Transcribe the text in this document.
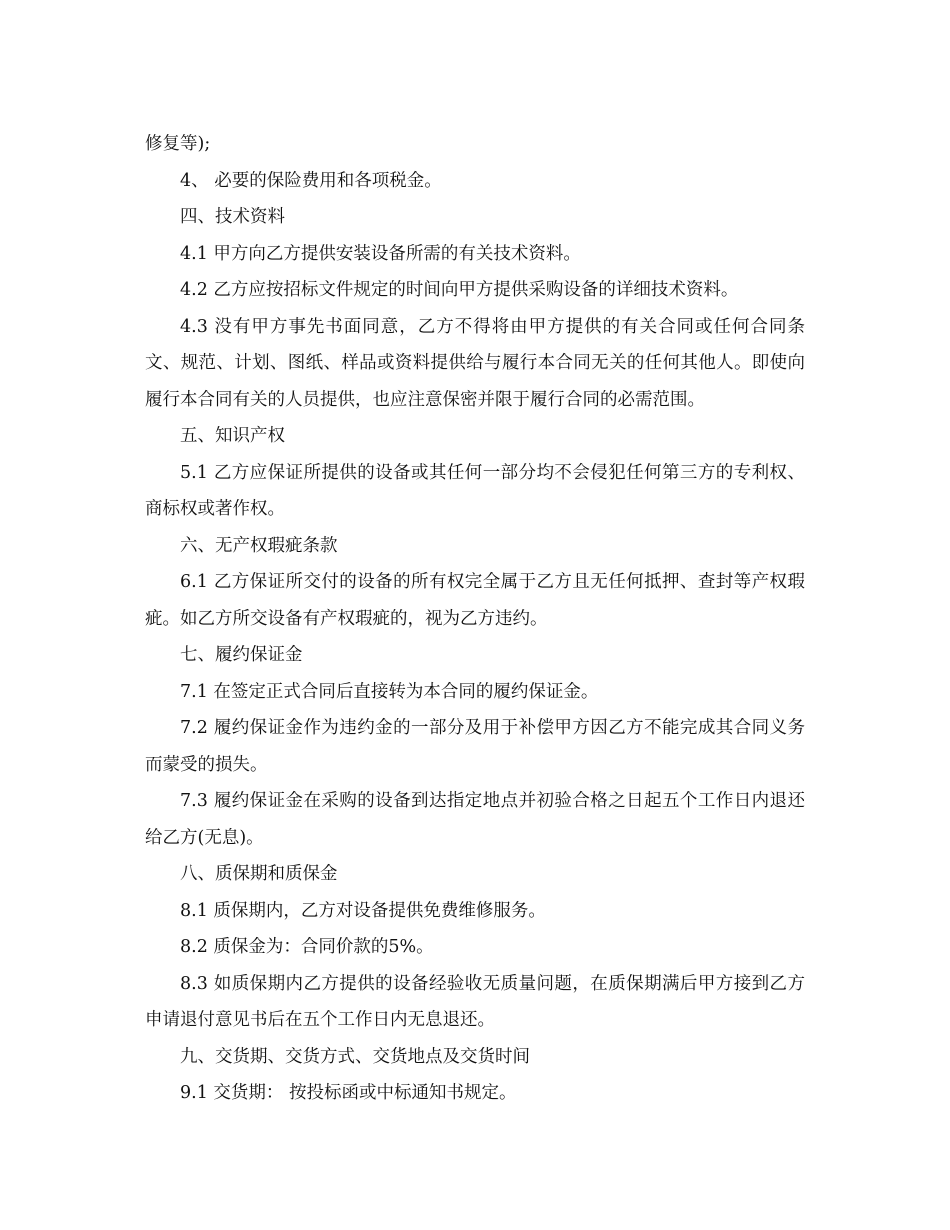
修复等);

4、 必要的保险费用和各项税金。

四、技术资料

4.1 甲方向乙方提供安装设备所需的有关技术资料。

4.2 乙方应按招标文件规定的时间向甲方提供采购设备的详细技术资料。

4.3 没有甲方事先书面同意，乙方不得将由甲方提供的有关合同或任何合同条文、规范、计划、图纸、样品或资料提供给与履行本合同无关的任何其他人。即使向履行本合同有关的人员提供，也应注意保密并限于履行合同的必需范围。

五、知识产权

5.1 乙方应保证所提供的设备或其任何一部分均不会侵犯任何第三方的专利权、商标权或著作权。

六、无产权瑕疵条款

6.1 乙方保证所交付的设备的所有权完全属于乙方且无任何抵押、查封等产权瑕疵。如乙方所交设备有产权瑕疵的，视为乙方违约。

七、履约保证金

7.1 在签定正式合同后直接转为本合同的履约保证金。

7.2 履约保证金作为违约金的一部分及用于补偿甲方因乙方不能完成其合同义务而蒙受的损失。

7.3 履约保证金在采购的设备到达指定地点并初验合格之日起五个工作日内退还给乙方(无息)。

八、质保期和质保金

8.1 质保期内，乙方对设备提供免费维修服务。

8.2 质保金为：合同价款的5%。

8.3 如质保期内乙方提供的设备经验收无质量问题，在质保期满后甲方接到乙方申请退付意见书后在五个工作日内无息退还。

九、交货期、交货方式、交货地点及交货时间

9.1 交货期： 按投标函或中标通知书规定。
